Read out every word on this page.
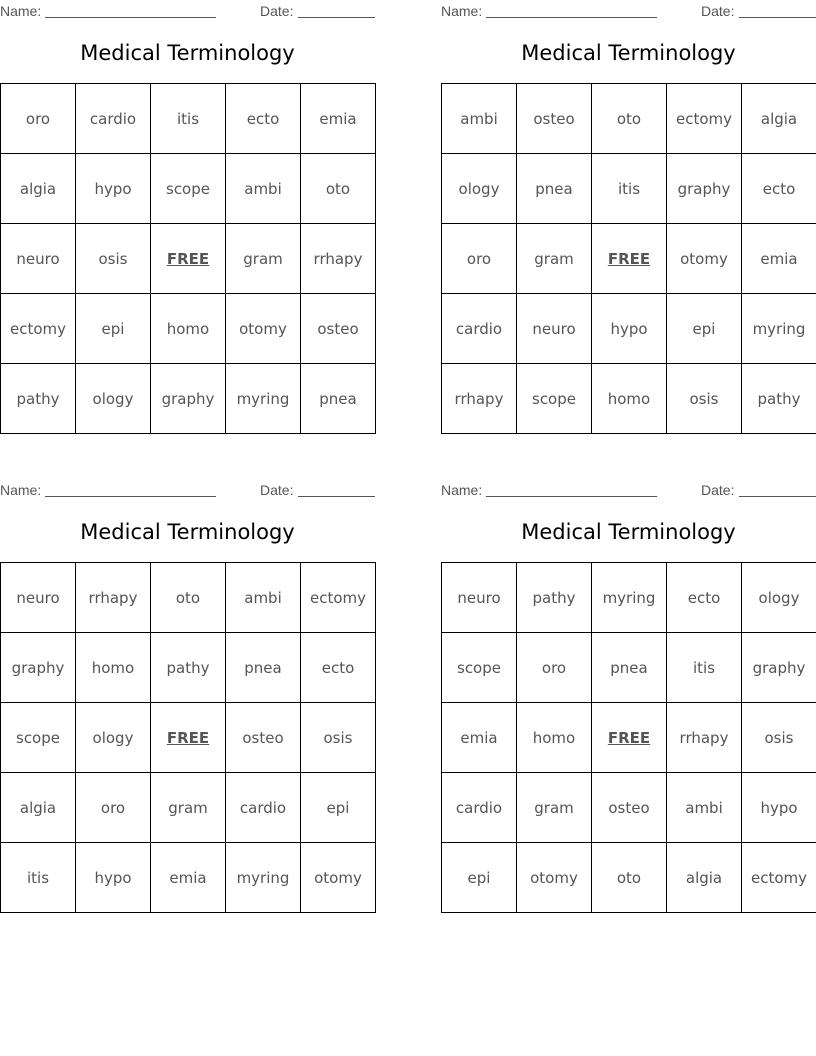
Name:	Date:
Medical Terminology
oro	cardio	itis	ecto	emia
algia	hypo	scope	ambi	oto
neuro	osis	FREE	gram	rrhapy
ectomy	epi	homo	otomy	osteo
pathy	ology	graphy	myring	pnea
Name:	Date:
Medical Terminology
ambi	osteo	oto	ectomy	algia
ology	pnea	itis	graphy	ecto
oro	gram	FREE	otomy	emia
cardio	neuro	hypo	epi	myring
rrhapy	scope	homo	osis	pathy
Name:	Date:
Medical Terminology
neuro	rrhapy	oto	ambi	ectomy
graphy	homo	pathy	pnea	ecto
scope	ology	FREE	osteo	osis
algia	oro	gram	cardio	epi
itis	hypo	emia	myring	otomy
Name:	Date:
Medical Terminology
neuro	pathy	myring	ecto	ology
scope	oro	pnea	itis	graphy
emia	homo	FREE	rrhapy	osis
cardio	gram	osteo	ambi	hypo
epi	otomy	oto	algia	ectomy
